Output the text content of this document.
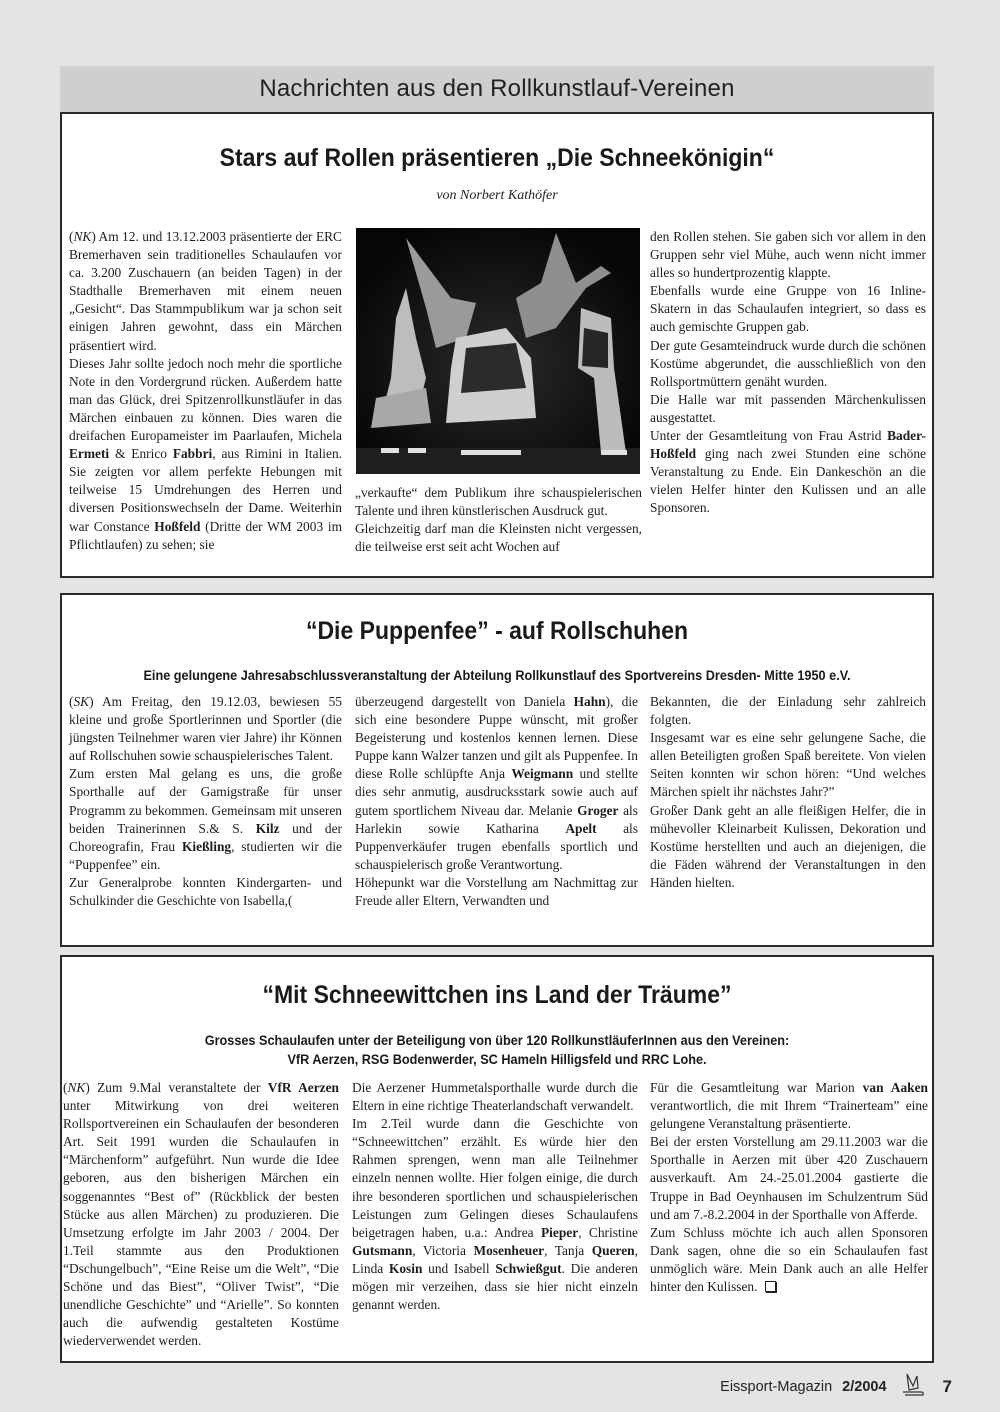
Nachrichten aus den Rollkunstlauf-Vereinen
Stars auf Rollen präsentieren „Die Schneekönigin“
von Norbert Kathöfer

(NK) Am 12. und 13.12.2003 präsentierte der ERC Bremerhaven sein traditionelles Schaulaufen vor ca. 3.200 Zuschauern (an beiden Tagen) in der Stadthalle Bremerhaven mit einem neuen „Gesicht“. Das Stammpublikum war ja schon seit einigen Jahren gewohnt, dass ein Märchen präsentiert wird.

Dieses Jahr sollte jedoch noch mehr die sportliche Note in den Vordergrund rücken. Außerdem hatte man das Glück, drei Spitzenrollkunstläufer in das Märchen einbauen zu können. Dies waren die dreifachen Europameister im Paarlaufen, Michela Ermeti & Enrico Fabbri, aus Rimini in Italien. Sie zeigten vor allem perfekte Hebungen mit teilweise 15 Umdrehungen des Herren und diversen Positionswechseln der Dame. Weiterhin war Constance Hoßfeld (Dritte der WM 2003 im Pflichtlaufen) zu sehen; sie

„verkaufte“ dem Publikum ihre schauspielerischen Talente und ihren künstlerischen Ausdruck gut.

Gleichzeitig darf man die Kleinsten nicht vergessen, die teilweise erst seit acht Wochen auf

den Rollen stehen. Sie gaben sich vor allem in den Gruppen sehr viel Mühe, auch wenn nicht immer alles so hundertprozentig klappte.

Ebenfalls wurde eine Gruppe von 16 Inline-Skatern in das Schaulaufen integriert, so dass es auch gemischte Gruppen gab.

Der gute Gesamteindruck wurde durch die schönen Kostüme abgerundet, die ausschließlich von den Rollsportmüttern genäht wurden.

Die Halle war mit passenden Märchenkulissen ausgestattet.

Unter der Gesamtleitung von Frau Astrid Bader-Hoßfeld ging nach zwei Stunden eine schöne Veranstaltung zu Ende. Ein Dankeschön an die vielen Helfer hinter den Kulissen und an alle Sponsoren.

“Die Puppenfee” - auf Rollschuhen
Eine gelungene Jahresabschlussveranstaltung der Abteilung Rollkunstlauf des Sportvereins Dresden- Mitte 1950 e.V.

(SK) Am Freitag, den 19.12.03, bewiesen 55 kleine und große Sportlerinnen und Sportler (die jüngsten Teilnehmer waren vier Jahre) ihr Können auf Rollschuhen sowie schauspielerisches Talent.

Zum ersten Mal gelang es uns, die große Sporthalle auf der Gamigstraße für unser Programm zu bekommen. Gemeinsam mit unseren beiden Trainerinnen S.& S. Kilz und der Choreografin, Frau Kießling, studierten wir die “Puppenfee” ein.

Zur Generalprobe konnten Kindergarten- und Schulkinder die Geschichte von Isabella,(

überzeugend dargestellt von Daniela Hahn), die sich eine besondere Puppe wünscht, mit großer Begeisterung und kostenlos kennen lernen. Diese Puppe kann Walzer tanzen und gilt als Puppenfee. In diese Rolle schlüpfte Anja Weigmann und stellte dies sehr anmutig, ausdrucksstark sowie auch auf gutem sportlichem Niveau dar. Melanie Groger als Harlekin sowie Katharina Apelt als Puppenverkäufer trugen ebenfalls sportlich und schauspielerisch große Verantwortung.

Höhepunkt war die Vorstellung am Nachmittag zur Freude aller Eltern, Verwandten und

Bekannten, die der Einladung sehr zahlreich folgten.

Insgesamt war es eine sehr gelungene Sache, die allen Beteiligten großen Spaß bereitete. Von vielen Seiten konnten wir schon hören: “Und welches Märchen spielt ihr nächstes Jahr?”

Großer Dank geht an alle fleißigen Helfer, die in mühevoller Kleinarbeit Kulissen, Dekoration und Kostüme herstellten und auch an diejenigen, die die Fäden während der Veranstaltungen in den Händen hielten.

“Mit Schneewittchen ins Land der Träume”
Grosses Schaulaufen unter der Beteiligung von über 120 RollkunstläuferInnen aus den Vereinen:
VfR Aerzen, RSG Bodenwerder, SC Hameln Hilligsfeld und RRC Lohe.

(NK) Zum 9.Mal veranstaltete der VfR Aerzen unter Mitwirkung von drei weiteren Rollsportvereinen ein Schaulaufen der besonderen Art. Seit 1991 wurden die Schaulaufen in “Märchenform” aufgeführt. Nun wurde die Idee geboren, aus den bisherigen Märchen ein soggenanntes “Best of” (Rückblick der besten Stücke aus allen Märchen) zu produzieren. Die Umsetzung erfolgte im Jahr 2003 / 2004. Der 1.Teil stammte aus den Produktionen “Dschungelbuch”, “Eine Reise um die Welt”, “Die Schöne und das Biest”, “Oliver Twist”, “Die unendliche Geschichte” und “Arielle”. So konnten auch die aufwendig gestalteten Kostüme wiederverwendet werden.

Die Aerzener Hummetalsporthalle wurde durch die Eltern in eine richtige Theaterlandschaft verwandelt.

Im 2.Teil wurde dann die Geschichte von “Schneewittchen” erzählt. Es würde hier den Rahmen sprengen, wenn man alle Teilnehmer einzeln nennen wollte. Hier folgen einige, die durch ihre besonderen sportlichen und schauspielerischen Leistungen zum Gelingen dieses Schaulaufens beigetragen haben, u.a.: Andrea Pieper, Christine Gutsmann, Victoria Mosenheuer, Tanja Queren, Linda Kosin und Isabell Schwießgut. Die anderen mögen mir verzeihen, dass sie hier nicht einzeln genannt werden.

Für die Gesamtleitung war Marion van Aaken verantwortlich, die mit Ihrem “Trainerteam” eine gelungene Veranstaltung präsentierte.

Bei der ersten Vorstellung am 29.11.2003 war die Sporthalle in Aerzen mit über 420 Zuschauern ausverkauft. Am 24.-25.01.2004 gastierte die Truppe in Bad Oeynhausen im Schulzentrum Süd und am 7.-8.2.2004 in der Sporthalle von Afferde.

Zum Schluss möchte ich auch allen Sponsoren Dank sagen, ohne die so ein Schaulaufen fast unmöglich wäre. Mein Dank auch an alle Helfer hinter den Kulissen.

Eissport-Magazin 2/2004	7
